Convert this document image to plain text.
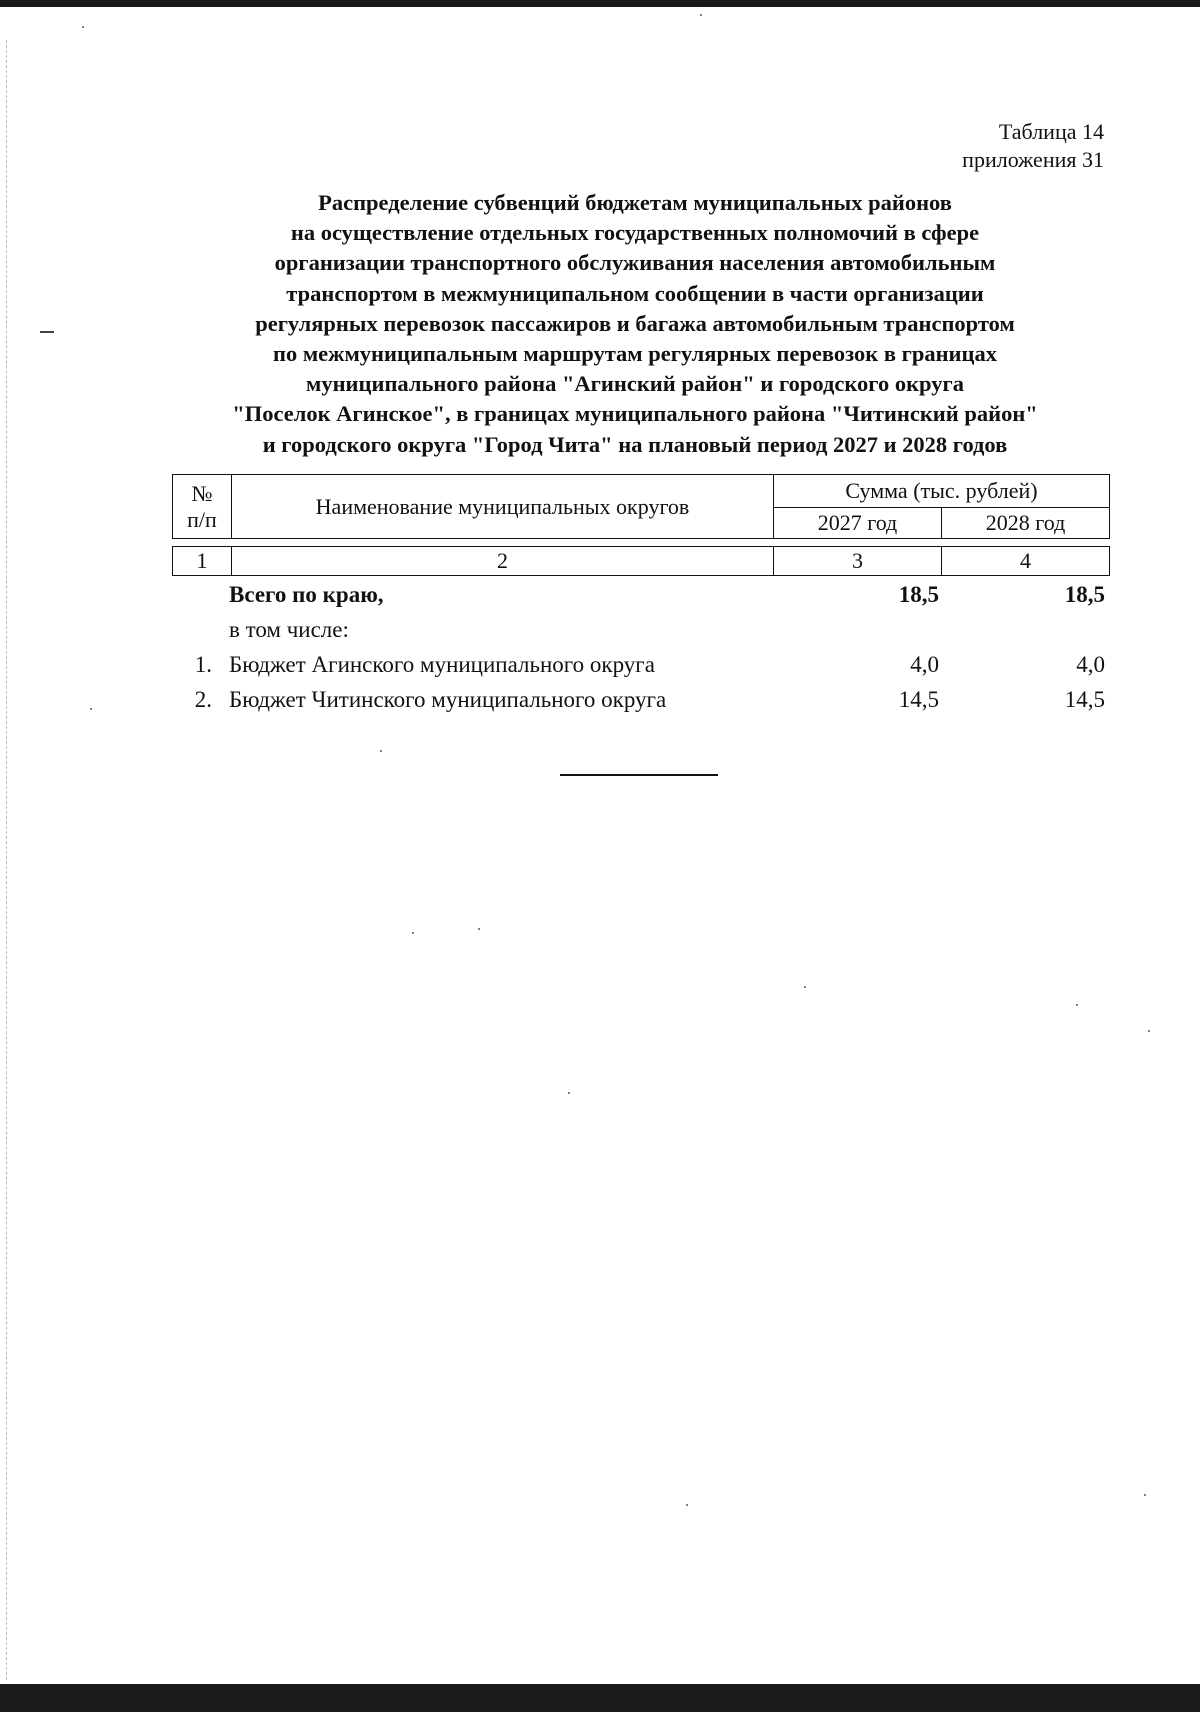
Таблица 14
приложения 31
Распределение субвенций бюджетам муниципальных районов
на осуществление отдельных государственных полномочий в сфере
организации транспортного обслуживания населения автомобильным
транспортом в межмуниципальном сообщении в части организации
регулярных перевозок пассажиров и багажа автомобильным транспортом
по межмуниципальным маршрутам регулярных перевозок в границах
муниципального района "Агинский район" и городского округа
"Поселок Агинское", в границах муниципального района "Читинский район"
и городского округа "Город Чита" на плановый период 2027 и 2028 годов
№
п/п	Наименование муниципальных округов	Сумма (тыс. рублей)	
		2027 год	2028 год

1	2	3	4
Всего по краю,	18,5	18,5
в том числе:
1. Бюджет Агинского муниципального округа	4,0	4,0
2. Бюджет Читинского муниципального округа	14,5	14,5
